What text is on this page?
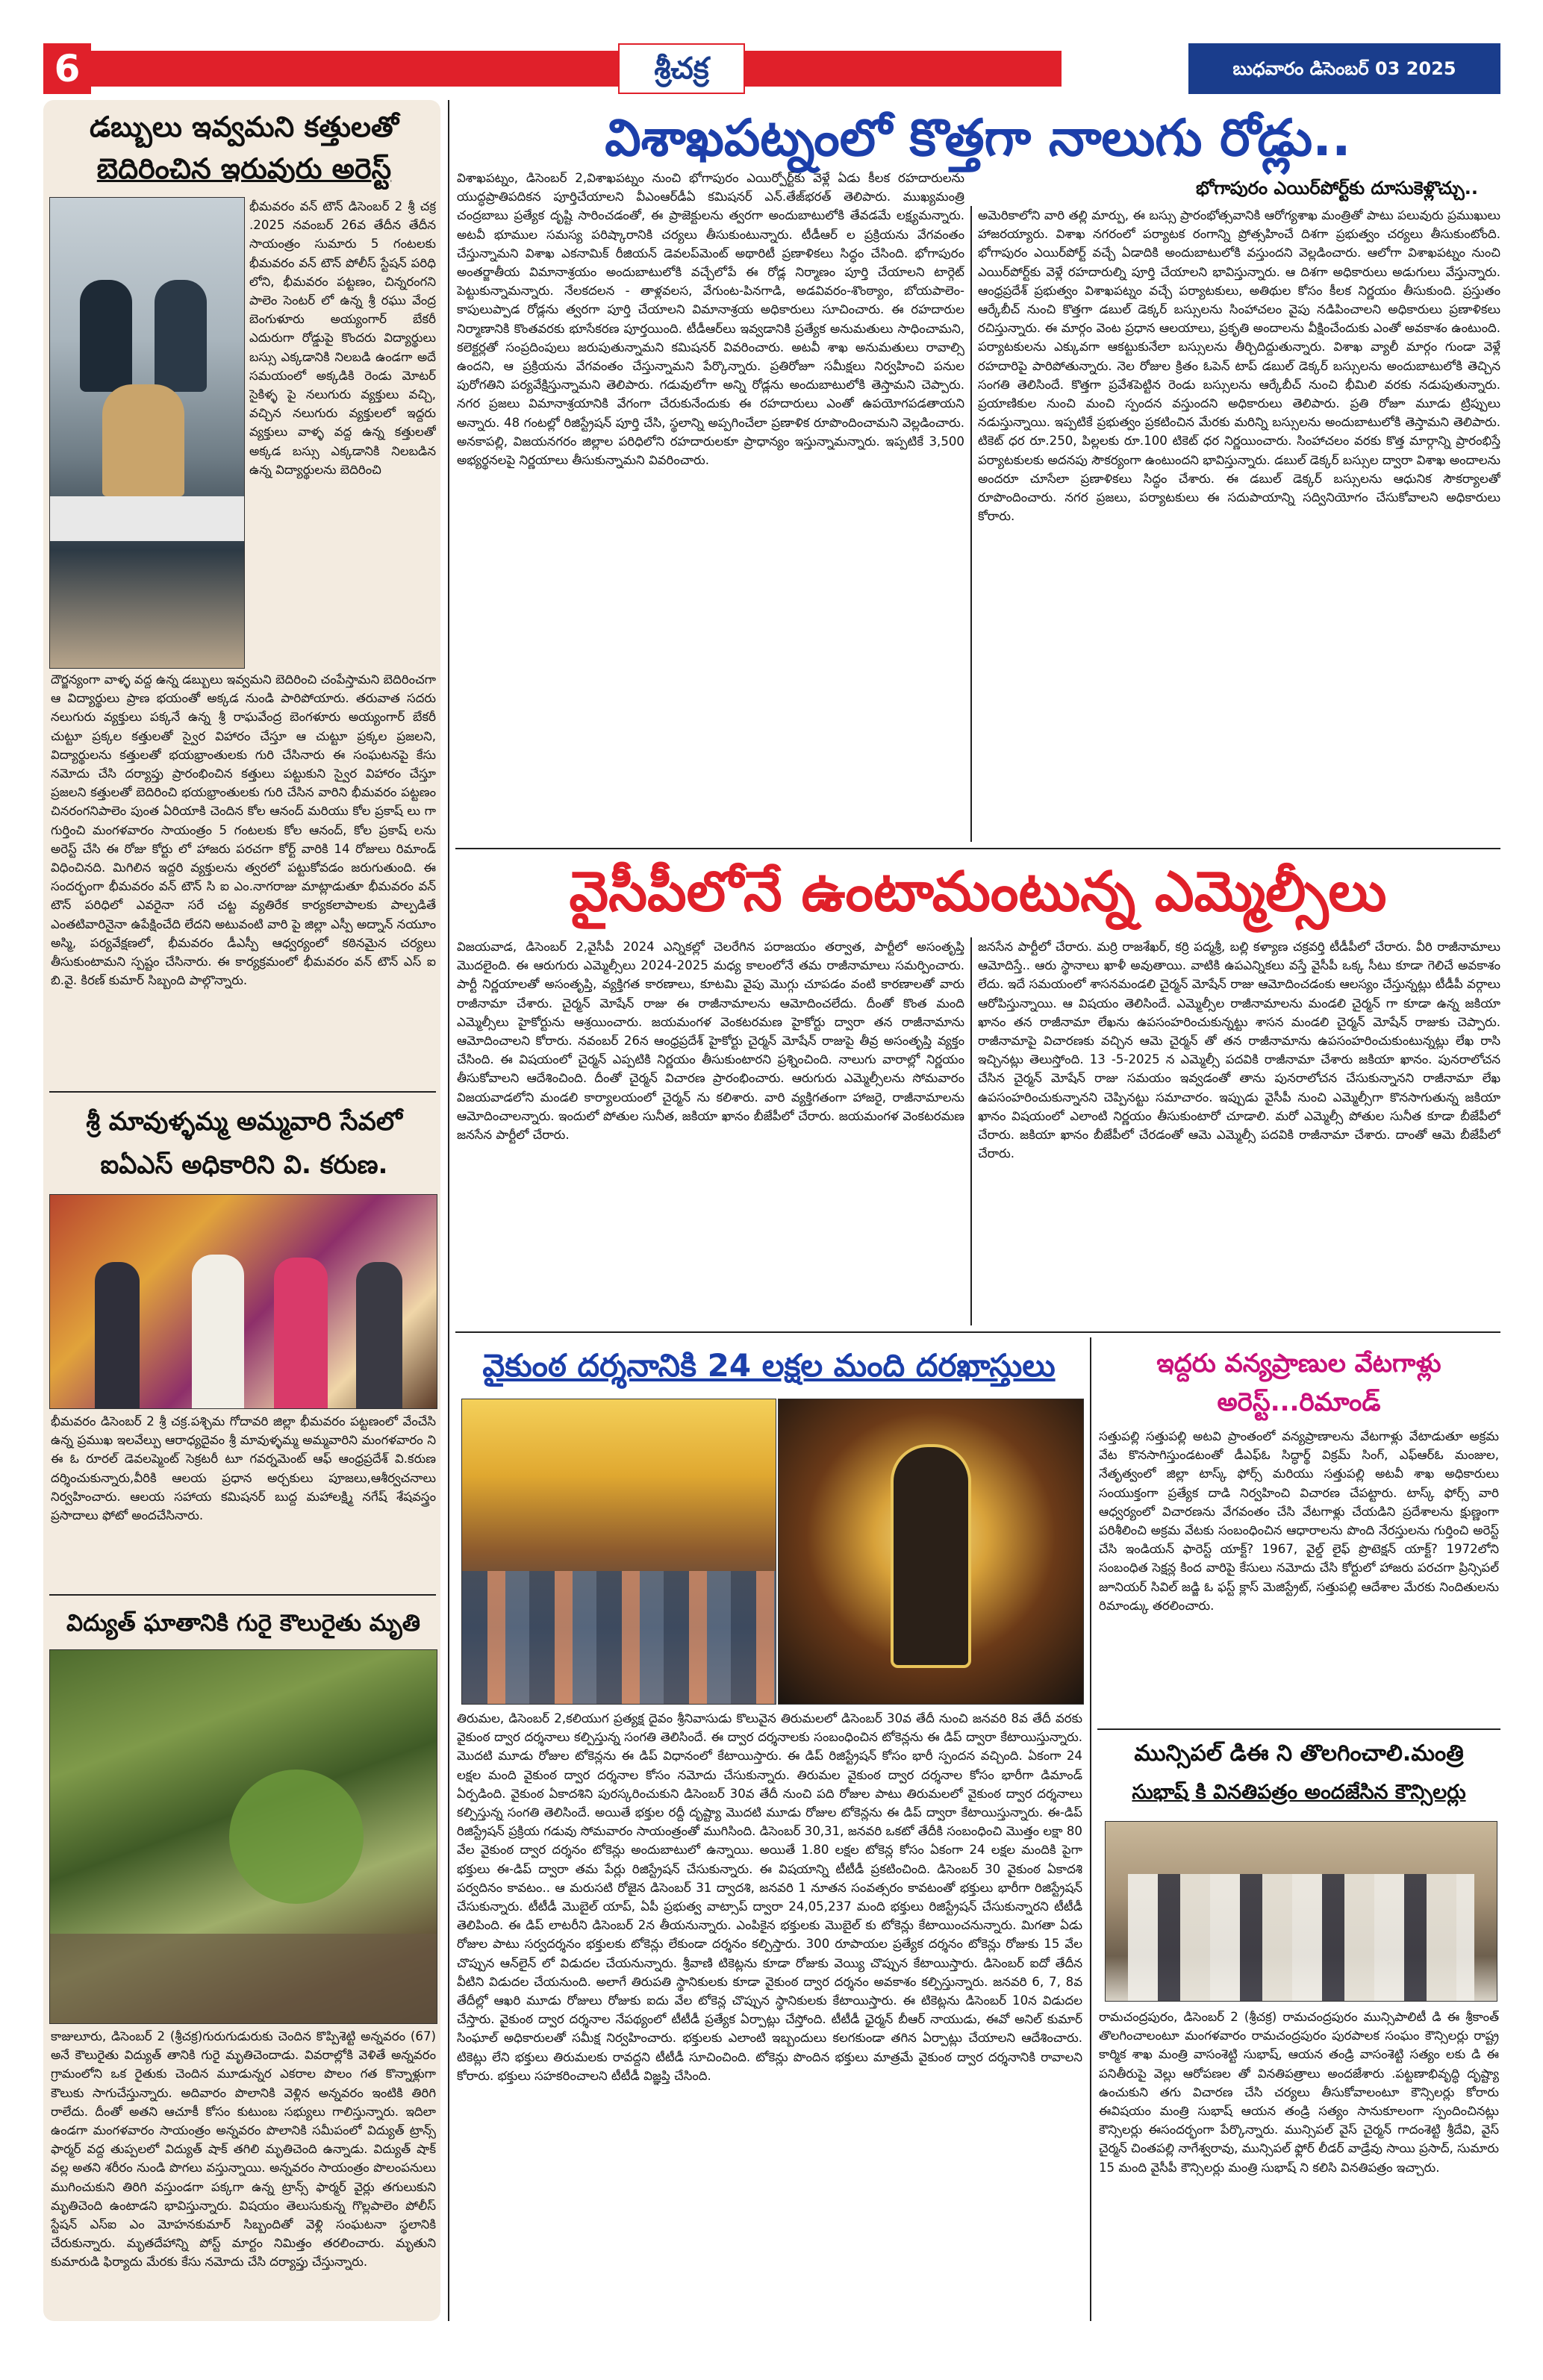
6	శ్రీచక్ర	బుధవారం డిసెంబర్ 03 2025
డబ్బులు ఇవ్వమని కత్తులతో
బెదిరించిన ఇరువురు అరెస్ట్
భీమవరం వన్ టౌన్ డిసెంబర్ 2 శ్రీ చక్ర .2025 నవంబర్ 26వ తేదీన తేదీన సాయంత్రం సుమారు 5 గంటలకు భీమవరం వన్ టౌన్ పోలీస్ స్టేషన్ పరిధి లోని, భీమవరం పట్టణం, చిన్నరంగని పాలెం సెంటర్ లో ఉన్న శ్రీ రఘు వేంద్ర బెంగుళూరు అయ్యంగార్ బేకరీ ఎదురుగా రోడ్డుపై కొందరు విద్యార్థులు బస్సు ఎక్కడానికి నిలబడి ఉండగా అదే సమయంలో అక్కడికి రెండు మోటర్ సైకిళ్ళ పై నలుగురు వ్యక్తులు వచ్చి, వచ్చిన నలుగురు వ్యక్తులలో ఇద్దరు వ్యక్తులు వాళ్ళ వద్ద ఉన్న కత్తులతో అక్కడ బస్సు ఎక్కడానికి నిలబడిన ఉన్న విద్యార్థులను బెదిరించి
దౌర్జన్యంగా వాళ్ళ వద్ద ఉన్న డబ్బులు ఇవ్వమని బెదిరించి చంపేస్తామని బెదిరించగా ఆ విద్యార్థులు ప్రాణ భయంతో అక్కడ నుండి పారిపోయారు. తరువాత సదరు నలుగురు వ్యక్తులు పక్కనే ఉన్న శ్రీ రాఘవేంద్ర బెంగళూరు అయ్యంగార్ బేకరీ చుట్టూ ప్రక్కల కత్తులతో స్వైర విహారం చేస్తూ ఆ చుట్టూ ప్రక్కల ప్రజలని, విద్యార్థులను కత్తులతో భయభ్రాంతులకు గురి చేసినారు ఈ సంఘటనపై కేసు నమోదు చేసి దర్యాప్తు ప్రారంభించిన కత్తులు పట్టుకుని స్వైర విహారం చేస్తూ ప్రజలని కత్తులతో బెదిరించి భయభ్రాంతులకు గురి చేసిన వారిని భీమవరం పట్టణం చినరంగనిపాలెం పుంత ఏరియాకి చెందిన కోల ఆనంద్ మరియు కోల ప్రకాష్ లు గా గుర్తించి మంగళవారం సాయంత్రం 5 గంటలకు కోల ఆనంద్, కోల ప్రకాష్ లను అరెస్ట్ చేసి ఈ రోజు కోర్టు లో హాజరు పరచగా కోర్ట్ వారికి 14 రోజులు రిమాండ్ విధించినది. మిగిలిన ఇద్దరి వ్యక్తులను త్వరలో పట్టుకోవడం జరుగుతుంది. ఈ సందర్భంగా భీమవరం వన్ టౌన్ సి ఐ ఎం.నాగరాజు మాట్లాడుతూ భీమవరం వన్ టౌన్ పరిధిలో ఎవరైనా సరే చట్ట వ్యతిరేక కార్యకలాపాలకు పాల్పడితే ఎంతటివారినైనా ఉపేక్షించేది లేదని అటువంటి వారి పై జిల్లా ఎస్పీ అద్నాన్ నయూం అస్మి, పర్యవేక్షణలో, భీమవరం డీఎస్పీ ఆధ్వర్యంలో కఠినమైన చర్యలు తీసుకుంటామని స్పష్టం చేసినారు. ఈ కార్యక్రమంలో భీమవరం వన్ టౌన్ ఎస్ ఐ బి.వై. కిరణ్ కుమార్ సిబ్బంది పాల్గొన్నారు.
శ్రీ మావుళ్ళమ్మ అమ్మవారి సేవలో
ఐఏఎస్ అధికారిని వి. కరుణ.
భీమవరం డిసెంబర్ 2 శ్రీ చక్ర.పశ్చిమ గోదావరి జిల్లా భీమవరం పట్టణంలో వేంచేసి ఉన్న ప్రముఖ ఇలవేల్పు ఆరాధ్యదైవం శ్రీ మావుళ్ళమ్మ అమ్మవారిని మంగళవారం ని ఈ ఓ రూరల్ డెవలప్మెంట్ సెక్రటరీ టూ గవర్నమెంట్ ఆఫ్ ఆంధ్రప్రదేశ్ వి.కరుణ దర్శించుకున్నారు,వీరికి ఆలయ ప్రధాన అర్చకులు పూజలు,ఆశీర్వచనాలు నిర్వహించారు. ఆలయ సహాయ కమిషనర్ బుద్ద మహాలక్ష్మి నగేష్ శేషవస్త్రం ప్రసాదాలు ఫోటో అందచేసినారు.
విద్యుత్ ఘాతానికి గురై కౌలురైతు మృతి
కాజులూరు, డిసెంబర్ 2 (శ్రీచక్ర)గురుగుడురుకు చెందిన కొప్పిశెట్టి అన్నవరం (67) అనే కౌలురైతు విద్యుత్ తానికి గురై మృతిచెందాడు. వివరాల్లోకి వెళితే అన్నవరం గ్రామంలోని ఒక రైతుకు చెందిన మూడున్నర ఎకరాల పొలం గత కొన్నాళ్లుగా కౌలుకు సాగుచేస్తున్నారు. అదివారం పొలానికి వెళ్లిన అన్నవరం ఇంటికి తిరిగి రాలేదు. దీంతో అతని ఆచూకీ కోసం కుటుంబ సభ్యులు గాలిస్తున్నారు. ఇదిలా ఉండగా మంగళవారం సాయంత్రం అన్నవరం పొలానికి సమీపంలో విద్యుత్ ట్రాన్స్ ఫార్మర్ వద్ద తుప్పలలో విద్యుత్ షాక్ తగిలి మృతిచెంది ఉన్నాడు. విద్యుత్ షాక్ వల్ల అతని శరీరం నుండి పొగలు వస్తున్నాయి. అన్నవరం సాయంత్రం పొలంపనులు ముగించుకుని తిరిగి వస్తుండగా పక్కగా ఉన్న ట్రాన్స్ ఫార్మర్ వైర్లు తగులుకుని మృతిచెంది ఉంటాడని భావిస్తున్నారు. విషయం తెలుసుకున్న గొల్లపాలెం పోలీస్ స్టేషన్ ఎస్ఐ ఎం మోహనకుమార్ సిబ్బందితో వెళ్లి సంఘటనా స్థలానికి చేరుకున్నారు. మృతదేహాన్ని పోస్ట్ మార్టం నిమిత్తం తరలించారు. మృతుని కుమారుడి ఫిర్యాదు మేరకు కేసు నమోదు చేసి దర్యాప్తు చేస్తున్నారు.
విశాఖపట్నంలో కొత్తగా నాలుగు రోడ్లు..
భోగాపురం ఎయిర్‌పోర్ట్‌కు దూసుకెళ్లొచ్చు..
విశాఖపట్నం, డిసెంబర్ 2,విశాఖపట్నం నుంచి భోగాపురం ఎయిర్పోర్ట్‌కు వెళ్లే ఏడు కీలక రహదారులను యుద్ధప్రాతిపదికన పూర్తిచేయాలని వీఎంఆర్‌డీఏ కమిషనర్ ఎన్.తేజ్‌భరత్ తెలిపారు. ముఖ్యమంత్రి చంద్రబాబు ప్రత్యేక దృష్టి సారించడంతో, ఈ ప్రాజెక్టులను త్వరగా అందుబాటులోకి తేవడమే లక్ష్యమన్నారు. అటవీ భూముల సమస్య పరిష్కారానికి చర్యలు తీసుకుంటున్నారు. టీడీఆర్ ల ప్రక్రియను వేగవంతం చేస్తున్నామని విశాఖ ఎకనామిక్ రీజియన్ డెవలప్‌మెంట్ అథారిటీ ప్రణాళికలు సిద్ధం చేసింది. భోగాపురం అంతర్జాతీయ విమానాశ్రయం అందుబాటులోకి వచ్చేలోపే ఈ రోడ్ల నిర్మాణం పూర్తి చేయాలని టార్గెట్ పెట్టుకున్నామన్నారు. నేలకదలన - తాళ్లవలస, వేగుంట-పినగాడి, అడవివరం-శొంఠ్యాం, బోయపాలెం-కాపులుప్పాడ రోడ్లను త్వరగా పూర్తి చేయాలని విమానాశ్రయ అధికారులు సూచించారు. ఈ రహదారుల నిర్మాణానికి కొంతవరకు భూసేకరణ పూర్తయింది. టీడీఆర్‌లు ఇవ్వడానికి ప్రత్యేక అనుమతులు సాధించామని, కలెక్టర్లతో సంప్రదింపులు జరుపుతున్నామని కమిషనర్ వివరించారు. అటవీ శాఖ అనుమతులు రావాల్సి ఉందని, ఆ ప్రక్రియను వేగవంతం చేస్తున్నామని పేర్కొన్నారు. ప్రతిరోజూ సమీక్షలు నిర్వహించి పనుల పురోగతిని పర్యవేక్షిస్తున్నామని తెలిపారు. గడువులోగా అన్ని రోడ్లను అందుబాటులోకి తెస్తామని చెప్పారు. నగర ప్రజలు విమానాశ్రయానికి వేగంగా చేరుకునేందుకు ఈ రహదారులు ఎంతో ఉపయోగపడతాయని అన్నారు. 48 గంటల్లో రిజిస్ట్రేషన్ పూర్తి చేసి, స్థలాన్ని అప్పగించేలా ప్రణాళిక రూపొందించామని వెల్లడించారు. అనకాపల్లి, విజయనగరం జిల్లాల పరిధిలోని రహదారులకూ ప్రాధాన్యం ఇస్తున్నామన్నారు. ఇప్పటికే 3,500 అభ్యర్థనలపై నిర్ణయాలు తీసుకున్నామని వివరించారు.
అమెరికాలోని వారి తల్లి మార్పు, ఈ బస్సు ప్రారంభోత్సవానికి ఆరోగ్యశాఖ మంత్రితో పాటు పలువురు ప్రముఖులు హాజరయ్యారు. విశాఖ నగరంలో పర్యాటక రంగాన్ని ప్రోత్సహించే దిశగా ప్రభుత్వం చర్యలు తీసుకుంటోంది. భోగాపురం ఎయిర్‌పోర్ట్ వచ్చే ఏడాదికి అందుబాటులోకి వస్తుందని వెల్లడించారు. ఆలోగా విశాఖపట్నం నుంచి ఎయిర్‌పోర్ట్‌కు వెళ్లే రహదారుల్ని పూర్తి చేయాలని భావిస్తున్నారు. ఆ దిశగా అధికారులు అడుగులు వేస్తున్నారు. ఆంధ్రప్రదేశ్ ప్రభుత్వం విశాఖపట్నం వచ్చే పర్యాటకులు, అతిథుల కోసం కీలక నిర్ణయం తీసుకుంది. ప్రస్తుతం ఆర్కేబీచ్ నుంచి కొత్తగా డబుల్ డెక్కర్ బస్సులను సింహాచలం వైపు నడిపించాలని అధికారులు ప్రణాళికలు రచిస్తున్నారు. ఈ మార్గం వెంట ప్రధాన ఆలయాలు, ప్రకృతి అందాలను వీక్షించేందుకు ఎంతో అవకాశం ఉంటుంది. పర్యాటకులను ఎక్కువగా ఆకట్టుకునేలా బస్సులను తీర్చిదిద్దుతున్నారు. విశాఖ వ్యాలీ మార్గం గుండా వెళ్లే రహదారిపై పారిపోతున్నారు. నెల రోజుల క్రితం ఓపెన్ టాప్ డబుల్ డెక్కర్ బస్సులను అందుబాటులోకి తెచ్చిన సంగతి తెలిసిందే. కొత్తగా ప్రవేశపెట్టిన రెండు బస్సులను ఆర్కేబీచ్ నుంచి భీమిలి వరకు నడుపుతున్నారు. ప్రయాణికుల నుంచి మంచి స్పందన వస్తుందని అధికారులు తెలిపారు. ప్రతి రోజూ మూడు ట్రిప్పులు నడుస్తున్నాయి. ఇప్పటికే ప్రభుత్వం ప్రకటించిన మేరకు మరిన్ని బస్సులను అందుబాటులోకి తెస్తామని తెలిపారు. టికెట్ ధర రూ.250, పిల్లలకు రూ.100 టికెట్ ధర నిర్ణయించారు. సింహాచలం వరకు కొత్త మార్గాన్ని ప్రారంభిస్తే పర్యాటకులకు అదనపు సౌకర్యంగా ఉంటుందని భావిస్తున్నారు. డబుల్ డెక్కర్ బస్సుల ద్వారా విశాఖ అందాలను అందరూ చూసేలా ప్రణాళికలు సిద్ధం చేశారు. ఈ డబుల్ డెక్కర్ బస్సులను ఆధునిక సౌకర్యాలతో రూపొందించారు. నగర ప్రజలు, పర్యాటకులు ఈ సదుపాయాన్ని సద్వినియోగం చేసుకోవాలని అధికారులు కోరారు.
వైసీపీలోనే ఉంటామంటున్న ఎమ్మెల్సీలు
విజయవాడ, డిసెంబర్ 2,వైసీపీ 2024 ఎన్నికల్లో చెలరేగిన పరాజయం తర్వాత, పార్టీలో అసంతృప్తి మొదలైంది. ఈ ఆరుగురు ఎమ్మెల్సీలు 2024-2025 మధ్య కాలంలోనే తమ రాజీనామాలు సమర్పించారు. పార్టీ నిర్ణయాలతో అసంతృప్తి, వ్యక్తిగత కారణాలు, కూటమి వైపు మొగ్గు చూపడం వంటి కారణాలతో వారు రాజీనామా చేశారు. చైర్మన్ మోషేన్ రాజు ఈ రాజీనామాలను ఆమోదించలేదు. దీంతో కొంత మంది ఎమ్మెల్సీలు హైకోర్టును ఆశ్రయించారు. జయమంగళ వెంకటరమణ హైకోర్టు ద్వారా తన రాజీనామాను ఆమోదించాలని కోరారు. నవంబర్ 26న ఆంధ్రప్రదేశ్ హైకోర్టు చైర్మన్ మోషేన్ రాజుపై తీవ్ర అసంతృప్తి వ్యక్తం చేసింది. ఈ విషయంలో చైర్మన్ ఎప్పటికి నిర్ణయం తీసుకుంటారని ప్రశ్నించింది. నాలుగు వారాల్లో నిర్ణయం తీసుకోవాలని ఆదేశించింది. దీంతో చైర్మన్ విచారణ ప్రారంభించారు. ఆరుగురు ఎమ్మెల్సీలను సోమవారం విజయవాడలోని మండలి కార్యాలయంలో చైర్మన్ ను కలిశారు. వారి వ్యక్తిగతంగా హాజరై, రాజీనామాలను ఆమోదించాలన్నారు. ఇందులో పోతుల సునీత, జకియా ఖానం బీజేపీలో చేరారు. జయమంగళ వెంకటరమణ జనసేన పార్టీలో చేరారు.
జనసేన పార్టీలో చేరారు. మర్రి రాజశేఖర్, కర్రి పద్మశ్రీ, బల్లి కళ్యాణ చక్రవర్తి టీడీపీలో చేరారు. వీరి రాజీనామాలు ఆమోదిస్తే.. ఆరు స్థానాలు ఖాళీ అవుతాయి. వాటికి ఉపఎన్నికలు వస్తే వైసీపీ ఒక్క సీటు కూడా గెలిచే అవకాశం లేదు. ఇదే సమయంలో శాసనమండలి చైర్మన్ మోషేన్ రాజు ఆమోదించడంకు ఆలస్యం చేస్తున్నట్లు టీడీపీ వర్గాలు ఆరోపిస్తున్నాయి. ఆ విషయం తెలిసిందే. ఎమ్మెల్సీల రాజీనామాలను మండలి చైర్మన్ గా కూడా ఉన్న జకియా ఖానం తన రాజీనామా లేఖను ఉపసంహరించుకున్నట్టు శాసన మండలి చైర్మన్ మోషేన్ రాజుకు చెప్పారు. రాజీనామాపై విచారణకు వచ్చిన ఆమె చైర్మన్ తో తన రాజీనామాను ఉపసంహరించుకుంటున్నట్లు లేఖ రాసి ఇచ్చినట్లు తెలుస్తోంది. 13 -5-2025 న ఎమ్మెల్సీ పదవికి రాజీనామా చేశారు జకియా ఖానం. పునరాలోచన చేసిన చైర్మన్ మోషేన్ రాజు సమయం ఇవ్వడంతో తాను పునరాలోచన చేసుకున్నానని రాజీనామా లేఖ ఉపసంహరించుకున్నానని చెప్పినట్టు సమాచారం. ఇప్పుడు వైసీపీ నుంచి ఎమ్మెల్సీగా కొనసాగుతున్న జకియా ఖానం విషయంలో ఎలాంటి నిర్ణయం తీసుకుంటారో చూడాలి. మరో ఎమ్మెల్సీ పోతుల సునీత కూడా బీజేపీలో చేరారు. జకియా ఖానం బీజేపీలో చేరడంతో ఆమె ఎమ్మెల్సీ పదవికి రాజీనామా చేశారు. దాంతో ఆమె బీజేపీలో చేరారు.
వైకుంఠ దర్శనానికి 24 లక్షల మంది దరఖాస్తులు
తిరుమల, డిసెంబర్ 2,కలియుగ ప్రత్యక్ష దైవం శ్రీనివాసుడు కొలువైన తిరుమలలో డిసెంబర్ 30వ తేదీ నుంచి జనవరి 8వ తేదీ వరకు వైకుంఠ ద్వార దర్శనాలు కల్పిస్తున్న సంగతి తెలిసిందే. ఈ ద్వార దర్శనాలకు సంబంధించిన టోకెన్లను ఈ డిప్ ద్వారా కేటాయిస్తున్నారు. మొదటి మూడు రోజుల టోకెన్లను ఈ డిప్ విధానంలో కేటాయిస్తారు. ఈ డిప్ రిజిస్ట్రేషన్ కోసం భారీ స్పందన వచ్చింది. ఏకంగా 24 లక్షల మంది వైకుంఠ ద్వార దర్శనాల కోసం నమోదు చేసుకున్నారు. తిరుమల వైకుంఠ ద్వార దర్శనాల కోసం భారీగా డిమాండ్ ఏర్పడింది. వైకుంఠ ఏకాదశిని పురస్కరించుకుని డిసెంబర్ 30వ తేదీ నుంచి పది రోజుల పాటు తిరుమలలో వైకుంఠ ద్వార దర్శనాలు కల్పిస్తున్న సంగతి తెలిసిందే. అయితే భక్తుల రద్దీ దృష్ట్యా మొదటి మూడు రోజుల టోకెన్లను ఈ డిప్ ద్వారా కేటాయిస్తున్నారు. ఈ-డిప్ రిజిస్ట్రేషన్ ప్రక్రియ గడువు సోమవారం సాయంత్రంతో ముగిసింది. డిసెంబర్ 30,31, జనవరి ఒకటో తేదీకి సంబంధించి మొత్తం లక్షా 80 వేల వైకుంఠ ద్వార దర్శనం టోకెన్లు అందుబాటులో ఉన్నాయి. అయితే 1.80 లక్షల టోకెన్ల కోసం ఏకంగా 24 లక్షల మందికి పైగా భక్తులు ఈ-డిప్ ద్వారా తమ పేర్లు రిజిస్ట్రేషన్ చేసుకున్నారు. ఈ విషయాన్ని టీటీడీ ప్రకటించింది. డిసెంబర్ 30 వైకుంఠ ఏకాదశి పర్వదినం కావటం.. ఆ మరుసటి రోజైన డిసెంబర్ 31 ద్వాదశి, జనవరి 1 నూతన సంవత్సరం కావటంతో భక్తులు భారీగా రిజిస్ట్రేషన్ చేసుకున్నారు. టీటీడీ మొబైల్ యాప్, ఏపీ ప్రభుత్వ వాట్సాప్ ద్వారా 24,05,237 మంది భక్తులు రిజిస్ట్రేషన్ చేసుకున్నారని టీటీడీ తెలిపింది. ఈ డిప్ లాటరీని డిసెంబర్ 2న తీయనున్నారు. ఎంపికైన భక్తులకు మొబైల్ కు టోకెన్లు కేటాయించనున్నారు. మిగతా ఏడు రోజుల పాటు సర్వదర్శనం భక్తులకు టోకెన్లు లేకుండా దర్శనం కల్పిస్తారు. 300 రూపాయల ప్రత్యేక దర్శనం టోకెన్లు రోజుకు 15 వేల చొప్పున ఆన్‌లైన్ లో విడుదల చేయనున్నారు. శ్రీవాణి టికెట్లను కూడా రోజుకు వెయ్యి చొప్పున కేటాయిస్తారు. డిసెంబర్ ఐదో తేదీన వీటిని విడుదల చేయనుంది. అలాగే తిరుపతి స్థానికులకు కూడా వైకుంఠ ద్వార దర్శనం అవకాశం కల్పిస్తున్నారు. జనవరి 6, 7, 8వ తేదీల్లో ఆఖరి మూడు రోజులు రోజుకు ఐదు వేల టోకెన్ల చొప్పున స్థానికులకు కేటాయిస్తారు. ఈ టికెట్లను డిసెంబర్ 10న విడుదల చేస్తారు. వైకుంఠ ద్వార దర్శనాల నేపథ్యంలో టీటీడీ ప్రత్యేక ఏర్పాట్లు చేస్తోంది. టీటీడీ ఛైర్మన్ బీఆర్ నాయుడు, ఈవో అనిల్ కుమార్ సింఘాల్ అధికారులతో సమీక్ష నిర్వహించారు. భక్తులకు ఎలాంటి ఇబ్బందులు కలగకుండా తగిన ఏర్పాట్లు చేయాలని ఆదేశించారు. టికెట్లు లేని భక్తులు తిరుమలకు రావద్దని టీటీడీ సూచించింది. టోకెన్లు పొందిన భక్తులు మాత్రమే వైకుంఠ ద్వార దర్శనానికి రావాలని కోరారు. భక్తులు సహకరించాలని టీటీడీ విజ్ఞప్తి చేసింది.
ఇద్దరు వన్యప్రాణుల వేటగాళ్లు
అరెస్ట్...రిమాండ్
సత్తుపల్లి సత్తుపల్లి అటవి ప్రాంతంలో వన్యప్రాణాలను వేటగాళ్లు వేటాడుతూ అక్రమ వేట కొనసాగిస్తుండటంతో డీఎఫ్‌ఓ సిద్ధార్థ్ విక్రమ్ సింగ్, ఎఫ్ఆర్ఓ మంజుల, నేతృత్వంలో జిల్లా టాస్క్ ఫోర్స్ మరియు సత్తుపల్లి అటవీ శాఖ అధికారులు సంయుక్తంగా ప్రత్యేక దాడి నిర్వహించి విచారణ చేపట్టారు. టాస్క్ ఫోర్స్ వారి ఆధ్వర్యంలో విచారణను వేగవంతం చేసి వేటగాళ్లు చేయడిని ప్రదేశాలను క్షుణ్ణంగా పరిశీలించి అక్రమ వేటకు సంబంధించిన ఆధారాలను పొంది నేరస్తులను గుర్తించి అరెస్ట్ చేసి ఇండియన్ ఫారెస్ట్ యాక్ట్? 1967, వైల్డ్ లైఫ్ ప్రొటెక్షన్ యాక్ట్? 1972లోని సంబంధిత సెక్షన్ల కింద వారిపై కేసులు నమోదు చేసి కోర్టులో హాజరు పరచగా ప్రిన్సిపల్ జూనియర్ సివిల్ జడ్జి ఓ ఫస్ట్ క్లాస్ మెజిస్ట్రేట్, సత్తుపల్లి ఆదేశాల మేరకు నిందితులను రిమాండ్కు తరలించారు.
మున్సిపల్ డిఈ ని తొలగించాలి.మంత్రి
సుభాష్ కి వినతిపత్రం అందజేసిన కౌన్సిలర్లు
రామచంద్రపురం, డిసెంబర్ 2 (శ్రీచక్ర) రామచంద్రపురం మున్సిపాలిటీ డి ఈ శ్రీకాంత్ తొలగించాలంటూ మంగళవారం రామచంద్రపురం పురపాలక సంఘం కౌన్సిలర్లు రాష్ట్ర కార్మిక శాఖ మంత్రి వాసంశెట్టి సుభాష్, ఆయన తండ్రి వాసంశెట్టి సత్యం లకు డి ఈ పనితీరుపై వెల్లు ఆరోపణల తో వినతిపత్రాలు అందజేశారు .పట్టణాభివృద్ధి దృష్ట్యా ఉంచుకుని తగు విచారణ చేసి చర్యలు తీసుకోవాలంటూ కౌన్సిలర్లు కోరారు ఈవిషయం మంత్రి సుభాష్ ఆయన తండ్రి సత్యం సానుకూలంగా స్పందించినట్లు కౌన్సిలర్లు ఈసందర్భంగా పేర్కొన్నారు. మున్సిపల్ వైస్ చైర్మన్ గాదంశెట్టి శ్రీదేవి, వైస్ చైర్మన్ చింతపల్లి నాగేశ్వరావు, మున్సిపల్ ఫ్లోర్ లీడర్ వాడ్రేవు సాయి ప్రసాద్, సుమారు 15 మంది వైసీపీ కౌన్సిలర్లు మంత్రి సుభాష్ ని కలిసి వినతిపత్రం ఇచ్చారు.
